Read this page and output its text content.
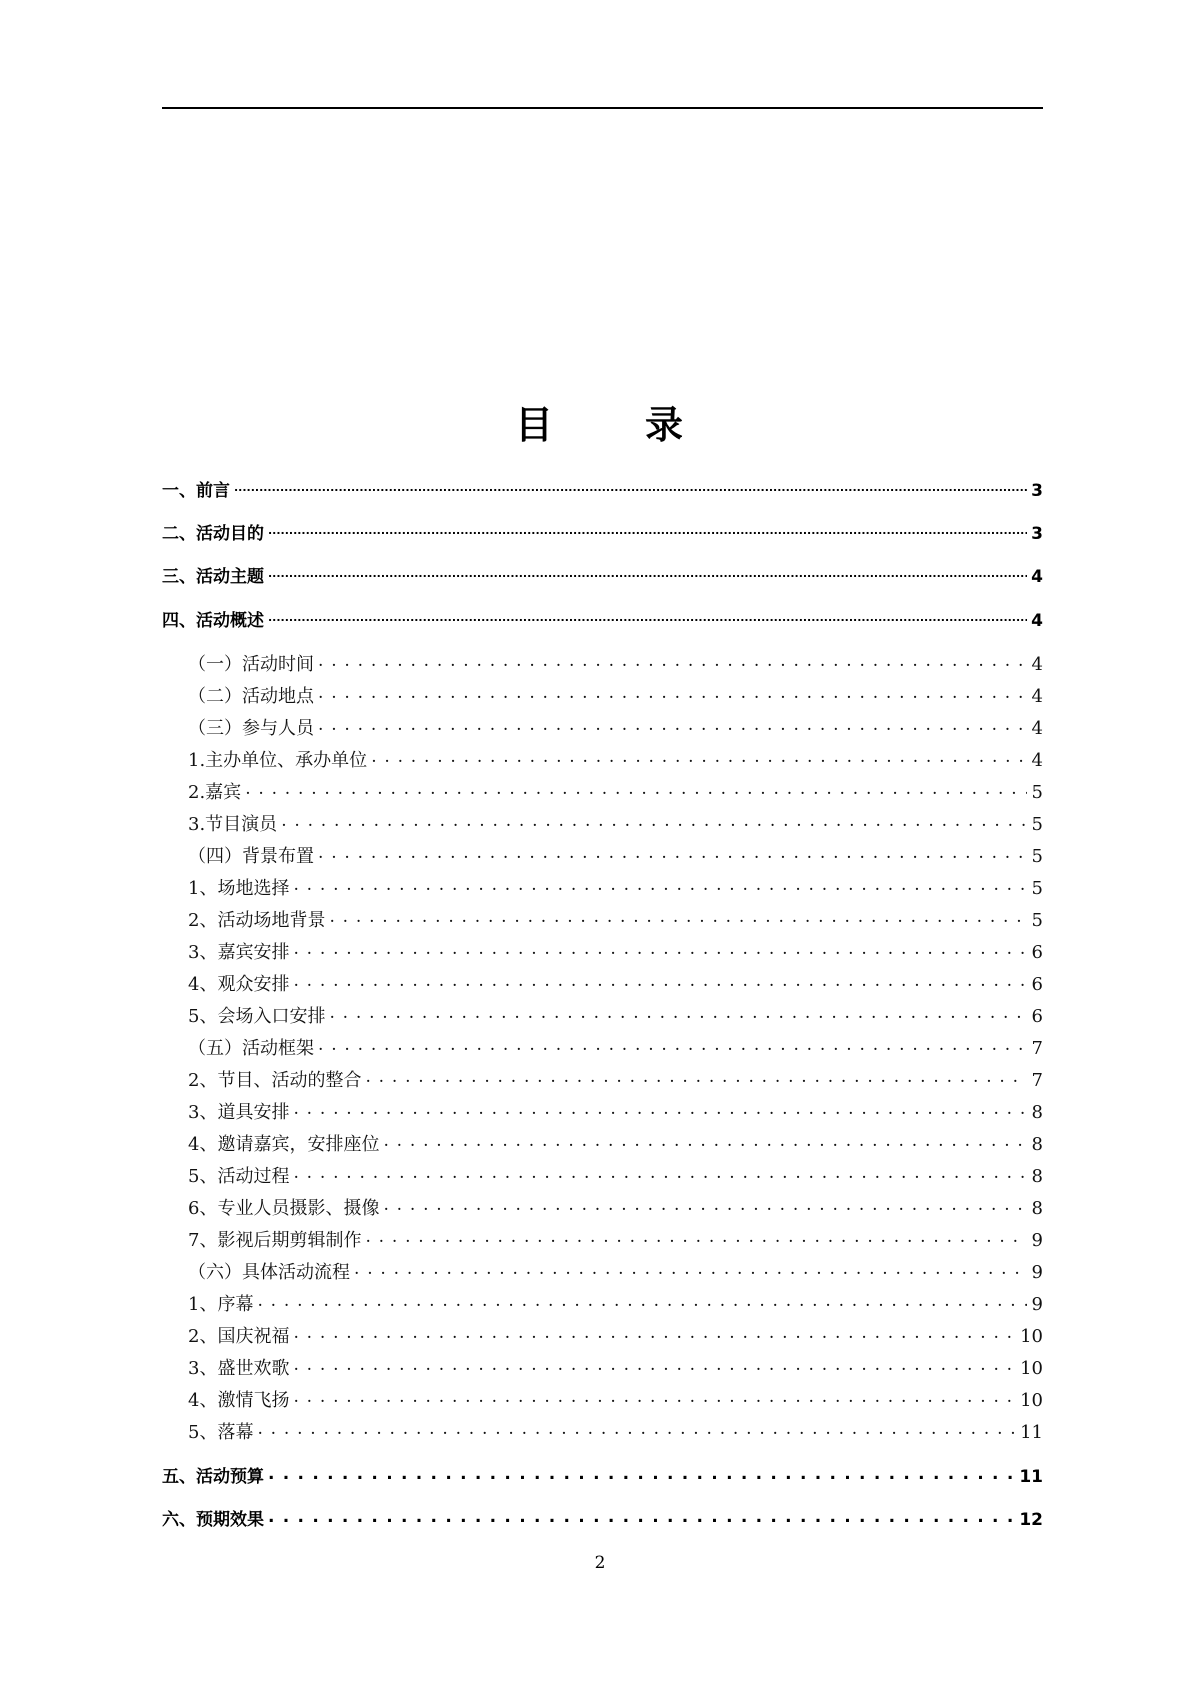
目 录
一、前言 .....	3
二、活动目的 .....	3
三、活动主题 .....	4
四、活动概述 .....	4
（一）活动时间 . . .	4
（二）活动地点 . . .	4
（三）参与人员 . . .	4
1.主办单位、承办单位 . . .	4
2.嘉宾 . . .	5
3.节目演员 . . .	5
（四）背景布置 . . .	5
1、场地选择 . . .	5
2、活动场地背景 . . .	5
3、嘉宾安排 . . .	6
4、观众安排 . . .	6
5、会场入口安排 . . .	6
（五）活动框架 . . .	7
2、节目、活动的整合 . . .	7
3、道具安排 . . .	8
4、邀请嘉宾，安排座位 . . .	8
5、活动过程 . . .	8
6、专业人员摄影、摄像 . . .	8
7、影视后期剪辑制作 . . .	9
（六）具体活动流程 . . .	9
1、序幕 . . .	9
2、国庆祝福 . . .	10
3、盛世欢歌 . . .	10
4、激情飞扬 . . .	10
5、落幕 . . .	11
五、活动预算 . . .	11
六、预期效果 . . .	12
2
